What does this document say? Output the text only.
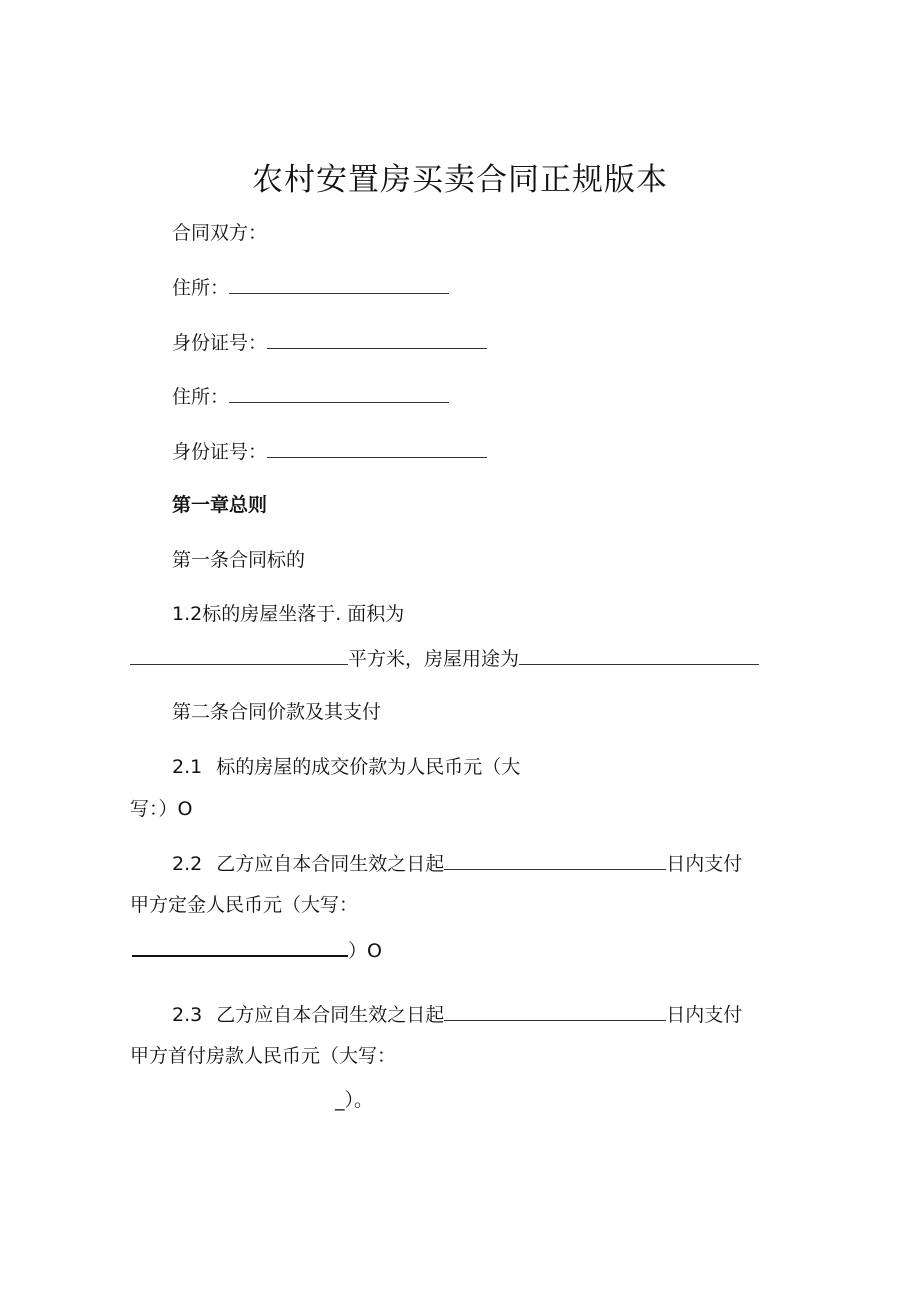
农村安置房买卖合同正规版本
合同双方：
住所：
身份证号：
住所：
身份证号：
第一章总则
第一条合同标的
1.2标的房屋坐落于. 面积为
平方米，房屋用途为
第二条合同价款及其支付
2.1 标的房屋的成交价款为人民币元（大
写：）O
2.2 乙方应自本合同生效之日起	日内支付
甲方定金人民币元（大写：
）O
2.3 乙方应自本合同生效之日起	日内支付
甲方首付房款人民币元（大写：
_）。
